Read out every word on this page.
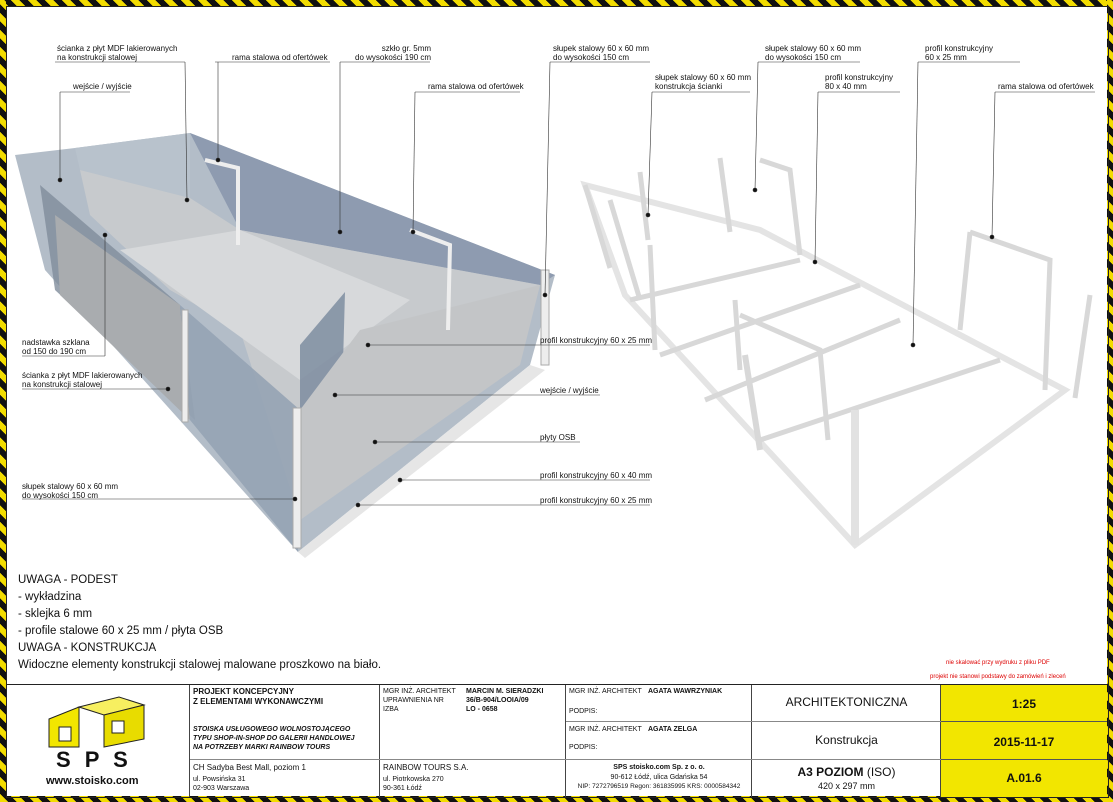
ścianka z płyt MDF lakierowanych
na konstrukcji stalowej	rama stalowa od ofertówek
szkło gr. 5mm
do wysokości 190 cm
słupek stalowy 60 x 60 mm
do wysokości 150 cm
wejście / wyjście	rama stalowa od ofertówek
nadstawka szklana
od 150 do 190 cm
ścianka z płyt MDF lakierowanych
na konstrukcji stalowej
słupek stalowy 60 x 60 mm
do wysokości 150 cm
profil konstrukcyjny 60 x 25 mm
wejście / wyjście
płyty OSB
profil konstrukcyjny 60 x 40 mm
profil konstrukcyjny 60 x 25 mm
słupek stalowy 60 x 60 mm
konstrukcja ścianki
słupek stalowy 60 x 60 mm
do wysokości 150 cm
profil konstrukcyjny
80 x 40 mm
profil konstrukcyjny
60 x 25 mm
rama stalowa od ofertówek
UWAGA - PODEST
- wykładzina
- sklejka 6 mm
- profile stalowe 60 x 25 mm / płyta OSB
UWAGA - KONSTRUKCJA
Widoczne elementy konstrukcji stalowej malowane proszkowo na biało.	nie skalować przy wydruku z pliku PDF
projekt nie stanowi podstawy do zamówień i zleceń
S P S
www.stoisko.com
PROJEKT KONCEPCYJNY
Z ELEMENTAMI WYKONAWCZYMI
STOISKA USŁUGOWEGO WOLNOSTOJĄCEGO
TYPU SHOP-IN-SHOP DO GALERII HANDLOWEJ
NA POTRZEBY MARKI RAINBOW TOURS
CH Sadyba Best Mall, poziom 1
ul. Powsińska 31
02-903 Warszawa
MGR INŻ. ARCHITEKT
UPRAWNIENIA NR
IZBA
MARCIN M. SIERADZKI
36/B-904/LOOIA/09
LO - 0658
RAINBOW TOURS S.A.
ul. Piotrkowska 270
90-361 Łódź
MGR INŻ. ARCHITEKT AGATA WAWRZYNIAK
PODPIS:
MGR INŻ. ARCHITEKT AGATA ZELGA
PODPIS:
SPS stoisko.com Sp. z o. o.
90-612 Łódź, ulica Gdańska 54
NIP: 7272796519 Regon: 361835995 KRS: 0000584342
ARCHITEKTONICZNA
Konstrukcja
A3 POZIOM (ISO)
420 x 297 mm
1:25
2015-11-17
A.01.6
